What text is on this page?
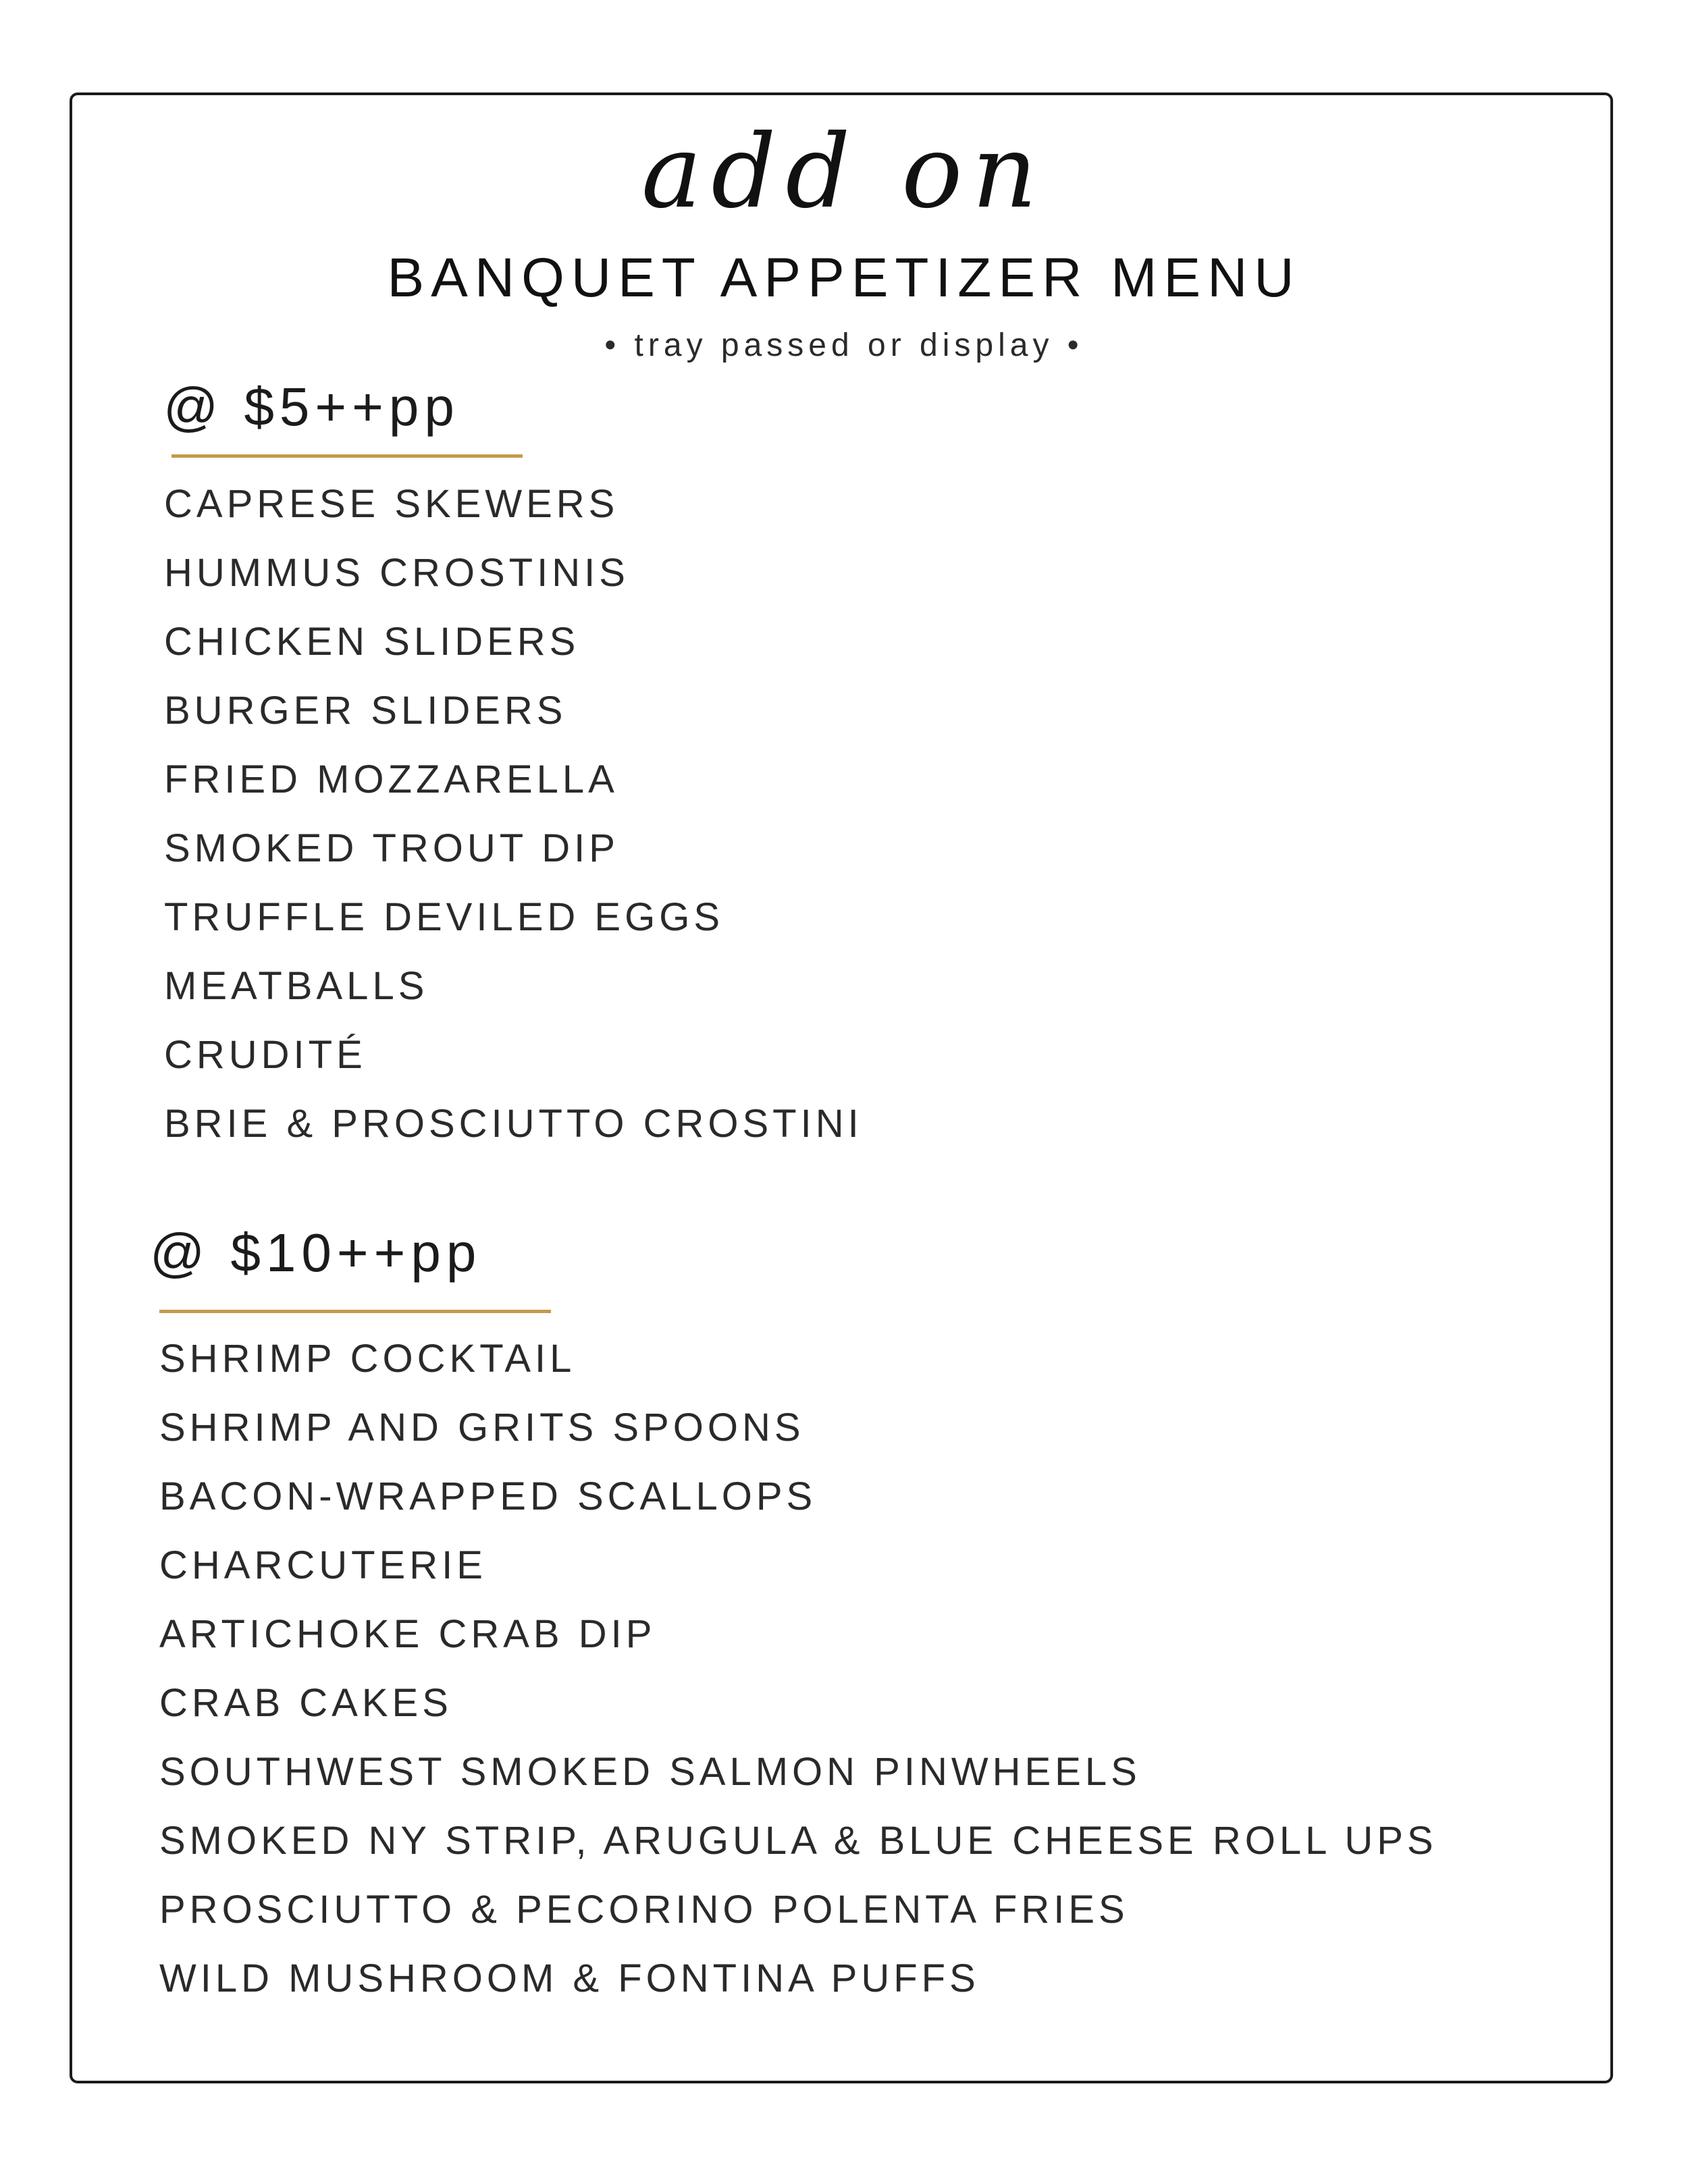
add on
BANQUET APPETIZER MENU
• tray passed or display •
@ $5++pp
CAPRESE SKEWERS
HUMMUS CROSTINIS
CHICKEN SLIDERS
BURGER SLIDERS
FRIED MOZZARELLA
SMOKED TROUT DIP
TRUFFLE DEVILED EGGS
MEATBALLS
CRUDITÉ
BRIE & PROSCIUTTO CROSTINI
@ $10++pp
SHRIMP COCKTAIL
SHRIMP AND GRITS SPOONS
BACON-WRAPPED SCALLOPS
CHARCUTERIE
ARTICHOKE CRAB DIP
CRAB CAKES
SOUTHWEST SMOKED SALMON PINWHEELS
SMOKED NY STRIP, ARUGULA & BLUE CHEESE ROLL UPS
PROSCIUTTO & PECORINO POLENTA FRIES
WILD MUSHROOM & FONTINA PUFFS
